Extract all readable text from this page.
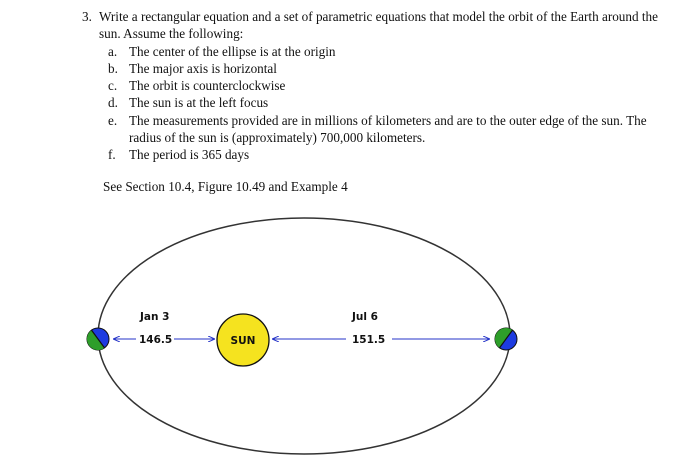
3. Write a rectangular equation and a set of parametric equations that model the orbit of the Earth around the sun. Assume the following:
a. The center of the ellipse is at the origin
b. The major axis is horizontal
c. The orbit is counterclockwise
d. The sun is at the left focus
e. The measurements provided are in millions of kilometers and are to the outer edge of the sun. The radius of the sun is (approximately) 700,000 kilometers.
f. The period is 365 days
See Section 10.4, Figure 10.49 and Example 4
SUN
Jan 3
146.5
Jul 6
151.5
